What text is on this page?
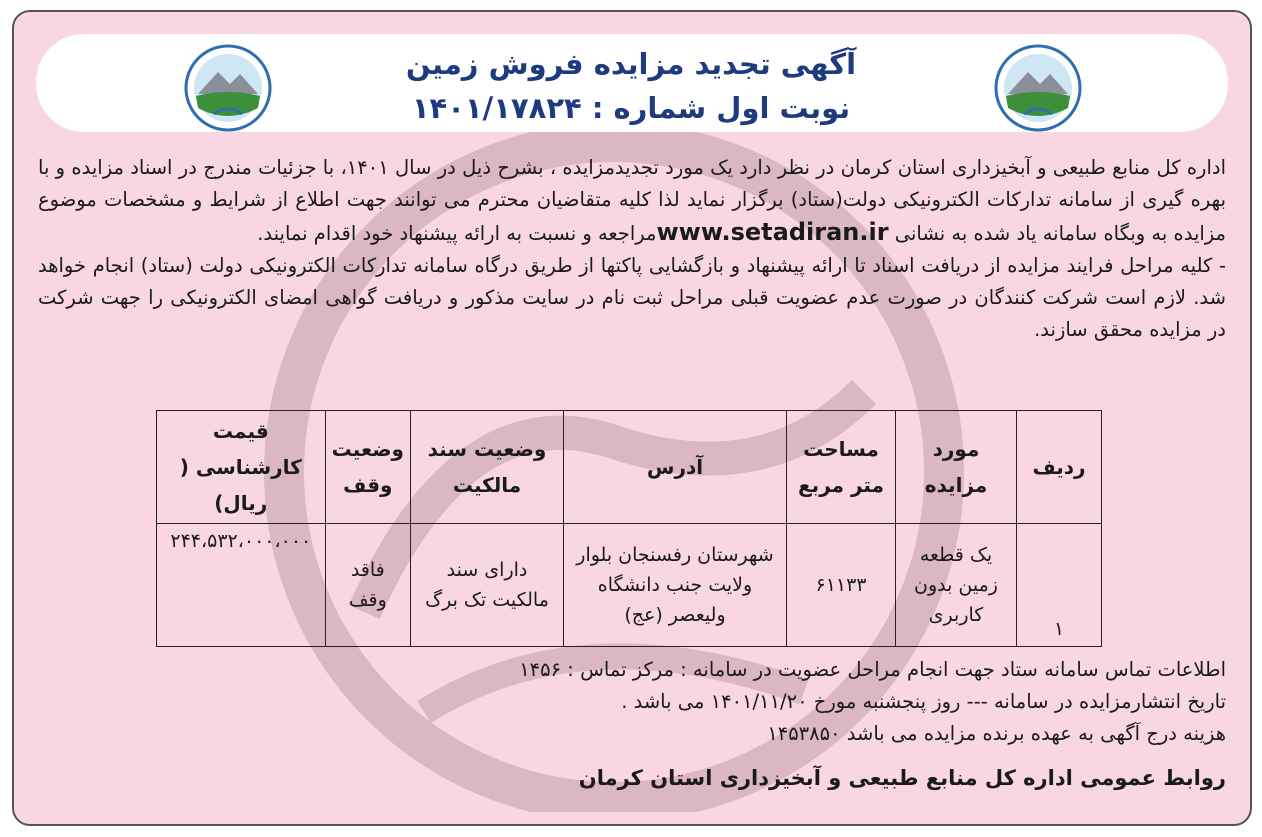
آگهی تجدید مزایده فروش زمین
نوبت اول شماره : ۱۴۰۱/۱۷۸۲۴
اداره کل منابع طبیعی و آبخیزداری استان کرمان در نظر دارد یک مورد تجدیدمزایده ، بشرح ذیل در سال ۱۴۰۱، با جزئیات مندرج در اسناد مزایده و با بهره گیری از سامانه تدارکات الکترونیکی دولت(ستاد) برگزار نماید لذا کلیه متقاضیان محترم می توانند جهت اطلاع از شرایط و مشخصات موضوع مزایده به وبگاه سامانه یاد شده به نشانی www.setadiran.irمراجعه و نسبت به ارائه پیشنهاد خود اقدام نمایند.
- کلیه مراحل فرایند مزایده از دریافت اسناد تا ارائه پیشنهاد و بازگشایی پاکتها از طریق درگاه سامانه تدارکات الکترونیکی دولت (ستاد) انجام خواهد شد. لازم است شرکت کنندگان در صورت عدم عضویت قبلی مراحل ثبت نام در سایت مذکور و دریافت گواهی امضای الکترونیکی را جهت شرکت در مزایده محقق سازند.
ردیف	مورد مزایده	مساحت متر مربع	آدرس	وضعیت سند مالکیت	وضعیت وقف	قیمت کارشناسی ( ریال)
۱	یک قطعه زمین بدون کاربری	۶۱۱۳۳	شهرستان رفسنجان بلوار ولایت جنب دانشگاه ولیعصر (عج)	دارای سند مالکیت تک برگ	فاقد وقف	۲۴۴،۵۳۲،۰۰۰،۰۰۰
اطلاعات تماس سامانه ستاد جهت انجام مراحل عضویت در سامانه : مرکز تماس : ۱۴۵۶
تاریخ انتشارمزایده در سامانه --- روز پنجشنبه مورخ ۱۴۰۱/۱۱/۲۰ می باشد .
هزینه درج آگهی به عهده برنده مزایده می باشد ۱۴۵۳۸۵۰
روابط عمومی اداره کل منابع طبیعی و آبخیزداری استان کرمان
